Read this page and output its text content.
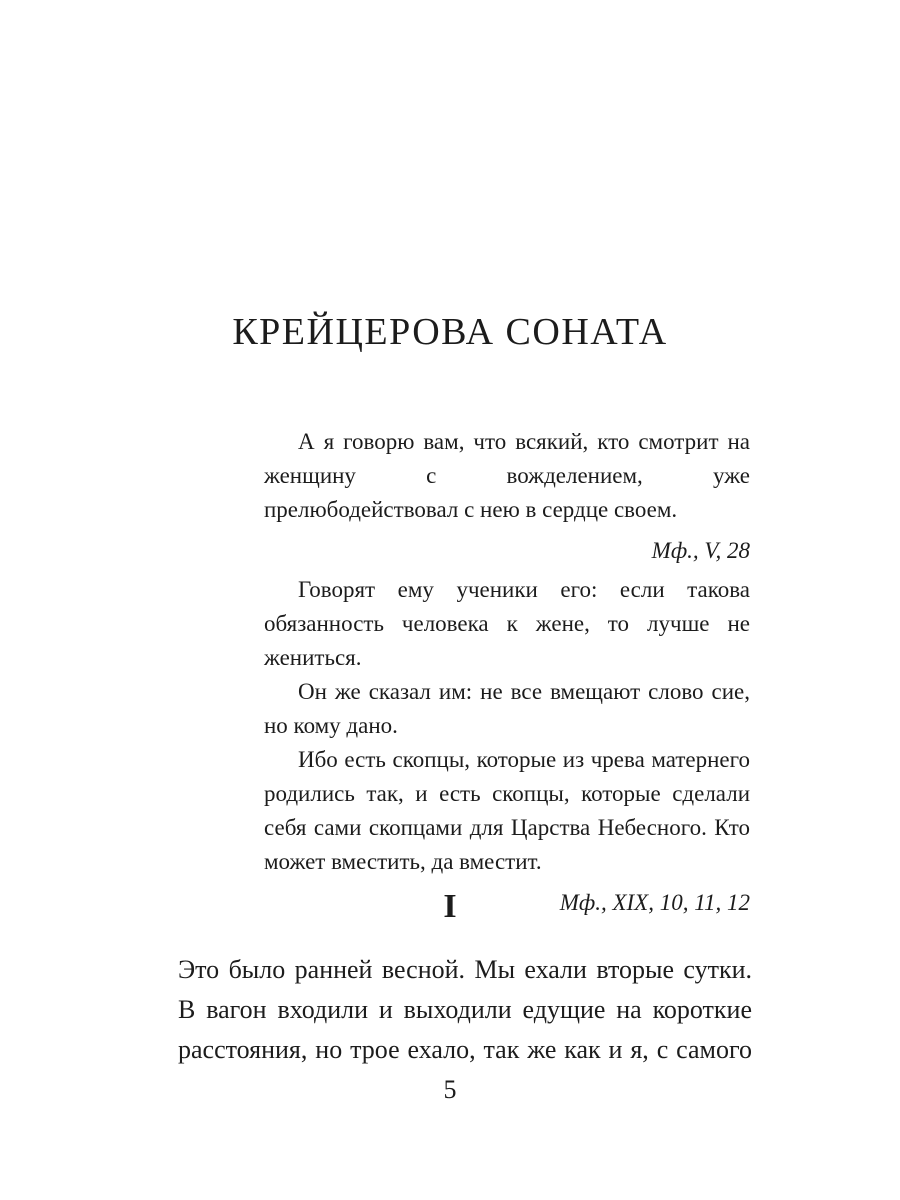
КРЕЙЦЕРОВА СОНАТА

А я говорю вам, что всякий, кто смотрит на женщину с вожделением, уже прелюбодействовал с нею в сердце своем.

Мф., V, 28

Говорят ему ученики его: если такова обязанность человека к жене, то лучше не жениться.

Он же сказал им: не все вмещают слово сие, но кому дано.

Ибо есть скопцы, которые из чрева матернего родились так, и есть скопцы, которые сделали себя сами скопцами для Царства Небесного. Кто может вместить, да вместит.

Мф., XIX, 10, 11, 12
I
Это было ранней весной. Мы ехали вторые сутки.
В вагон входили и выходили едущие на короткие
расстояния, но трое ехало, так же как и я, с самого
5
